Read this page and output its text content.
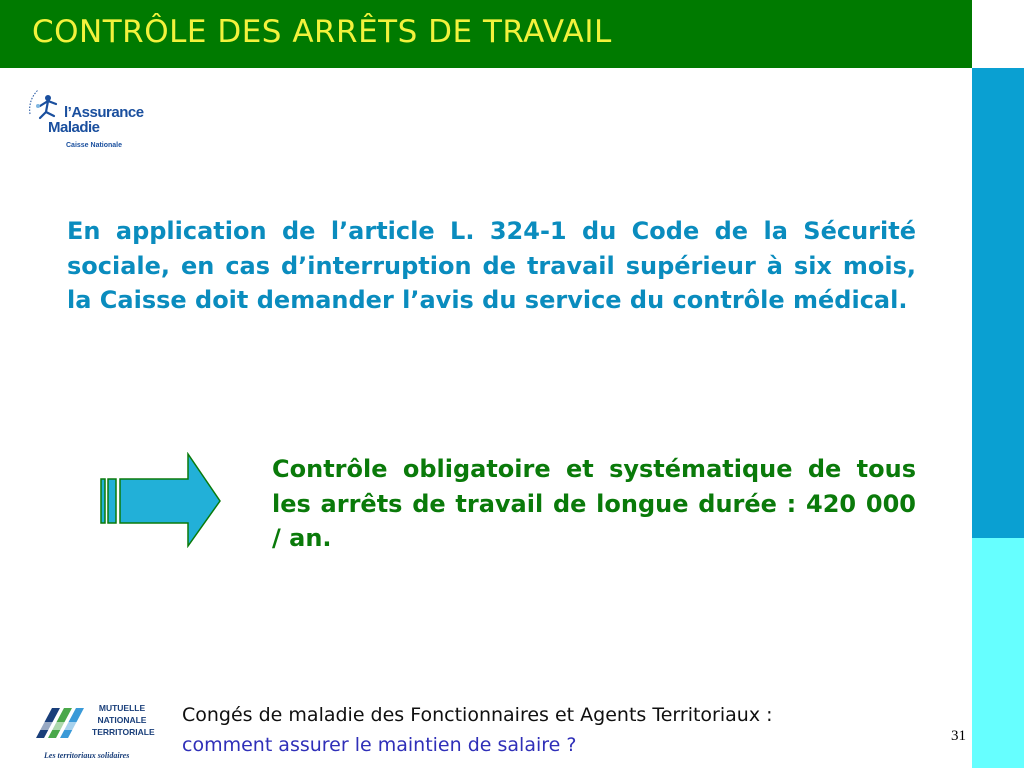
CONTRÔLE DES ARRÊTS DE TRAVAIL
l’Assurance
Maladie
Caisse Nationale

En application de l’article L. 324-1 du Code de la Sécurité sociale, en cas d’interruption de travail supérieur à six mois, la Caisse doit demander l’avis du service du contrôle médical.

Contrôle obligatoire et systématique de tous les arrêts de travail de longue durée : 420 000 / an.

MUTUELLE
NATIONALE
TERRITORIALE
Les territoriaux solidaires
Congés de maladie des Fonctionnaires et Agents Territoriaux :
comment assurer le maintien de salaire ?	31
